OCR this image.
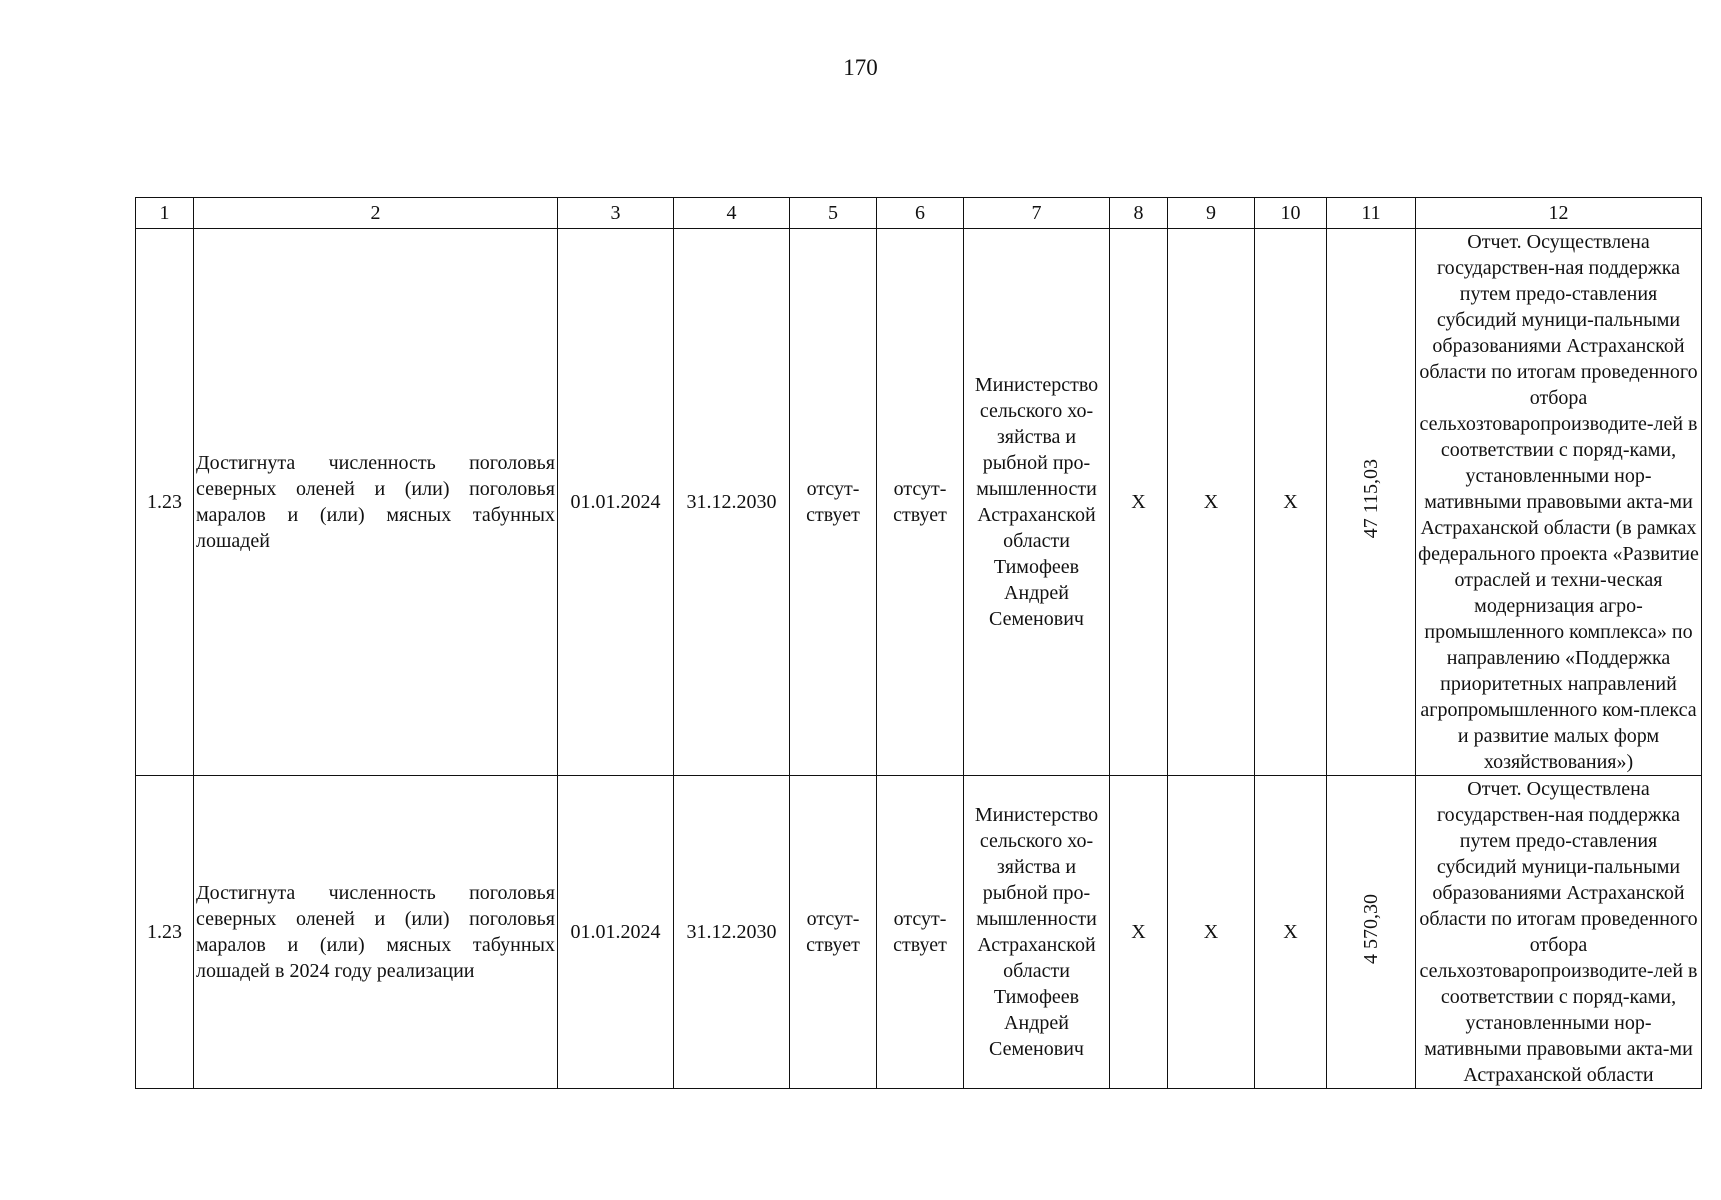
170
1	2	3	4	5	6	7	8	9	10	11	12
1.23	Достигнута численность поголовья северных оленей и (или) поголовья маралов и (или) мясных табунных лошадей	01.01.2024	31.12.2030	отсут-ствует	отсут-ствует	Министерство сельского хо-зяйства и рыбной про-мышленности Астраханской области Тимофеев Андрей Семенович	X	X	X	47 115,03	Отчет. Осуществлена государствен-ная поддержка путем предо-ставления субсидий муници-пальными образованиями Астраханской области по итогам проведенного отбора сельхозтоваропроизводите-лей в соответствии с поряд-ками, установленными нор-мативными правовыми акта-ми Астраханской области (в рамках федерального проекта «Развитие отраслей и техни-ческая модернизация агро-промышленного комплекса» по направлению «Поддержка приоритетных направлений агропромышленного ком-плекса и развитие малых форм хозяйствования»)
1.23	Достигнута численность поголовья северных оленей и (или) поголовья маралов и (или) мясных табунных лошадей в 2024 году реализации	01.01.2024	31.12.2030	отсут-ствует	отсут-ствует	Министерство сельского хо-зяйства и рыбной про-мышленности Астраханской области Тимофеев Андрей Семенович	X	X	X	4 570,30	Отчет. Осуществлена государствен-ная поддержка путем предо-ставления субсидий муници-пальными образованиями Астраханской области по итогам проведенного отбора сельхозтоваропроизводите-лей в соответствии с поряд-ками, установленными нор-мативными правовыми акта-ми Астраханской области
